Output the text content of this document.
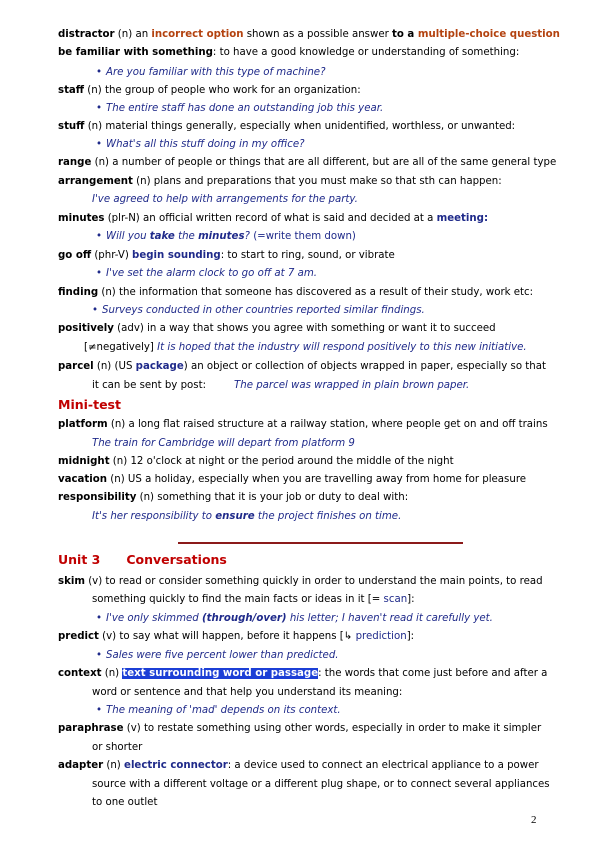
distractor (n) an incorrect option shown as a possible answer to a multiple-choice question
be familiar with something: to have a good knowledge or understanding of something:
• Are you familiar with this type of machine?
staff (n) the group of people who work for an organization:
• The entire staff has done an outstanding job this year.
stuff (n) material things generally, especially when unidentified, worthless, or unwanted:
• What's all this stuff doing in my office?
range (n) a number of people or things that are all different, but are all of the same general type
arrangement (n) plans and preparations that you must make so that sth can happen:
I've agreed to help with arrangements for the party.
minutes (plr-N) an official written record of what is said and decided at a meeting:
• Will you take the minutes? (=write them down)
go off (phr-V) begin sounding: to start to ring, sound, or vibrate
• I've set the alarm clock to go off at 7 am.
finding (n) the information that someone has discovered as a result of their study, work etc:
• Surveys conducted in other countries reported similar findings.
positively (adv) in a way that shows you agree with something or want it to succeed
[≠negatively] It is hoped that the industry will respond positively to this new initiative.
parcel (n) (US package) an object or collection of objects wrapped in paper, especially so that
it can be sent by post:	The parcel was wrapped in plain brown paper.
Mini-test
platform (n) a long flat raised structure at a railway station, where people get on and off trains
The train for Cambridge will depart from platform 9
midnight (n) 12 o'clock at night or the period around the middle of the night
vacation (n) US a holiday, especially when you are travelling away from home for pleasure
responsibility (n) something that it is your job or duty to deal with:
It's her responsibility to ensure the project finishes on time.
Unit 3 Conversations
skim (v) to read or consider something quickly in order to understand the main points, to read
something quickly to find the main facts or ideas in it [= scan]:
• I've only skimmed (through/over) his letter; I haven't read it carefully yet.
predict (v) to say what will happen, before it happens [↳ prediction]:
• Sales were five percent lower than predicted.
context (n) text surrounding word or passage: the words that come just before and after a
word or sentence and that help you understand its meaning:
• The meaning of 'mad' depends on its context.
paraphrase (v) to restate something using other words, especially in order to make it simpler
or shorter
adapter (n) electric connector: a device used to connect an electrical appliance to a power
source with a different voltage or a different plug shape, or to connect several appliances
to one outlet
2
